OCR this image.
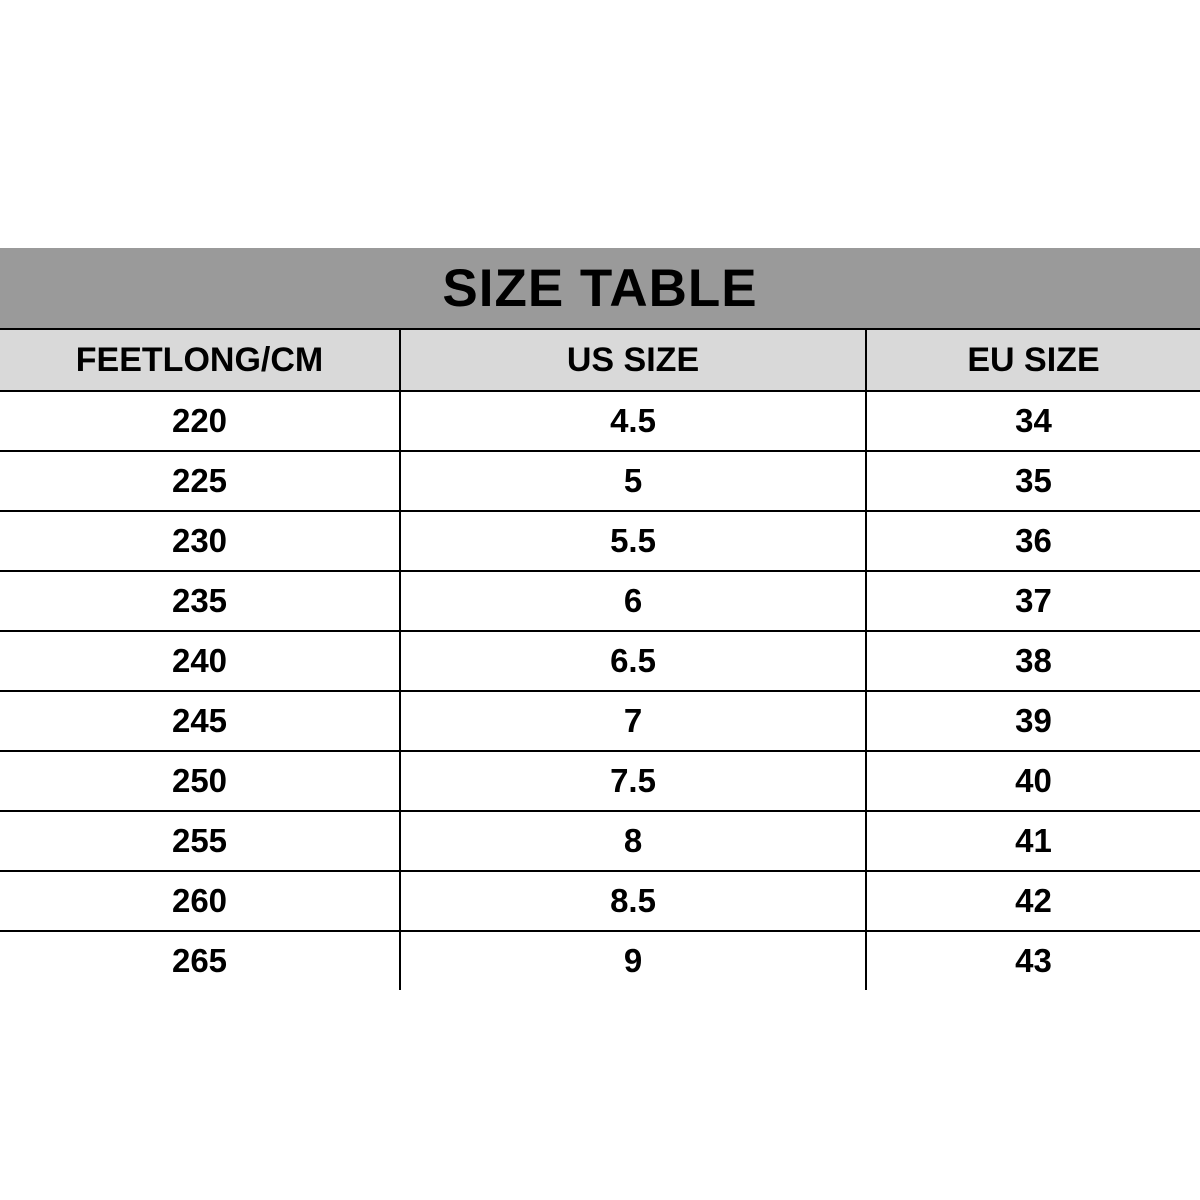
SIZE TABLE		
FEETLONG/CM	US SIZE	EU SIZE
220	4.5	34
225	5	35
230	5.5	36
235	6	37
240	6.5	38
245	7	39
250	7.5	40
255	8	41
260	8.5	42
265	9	43
